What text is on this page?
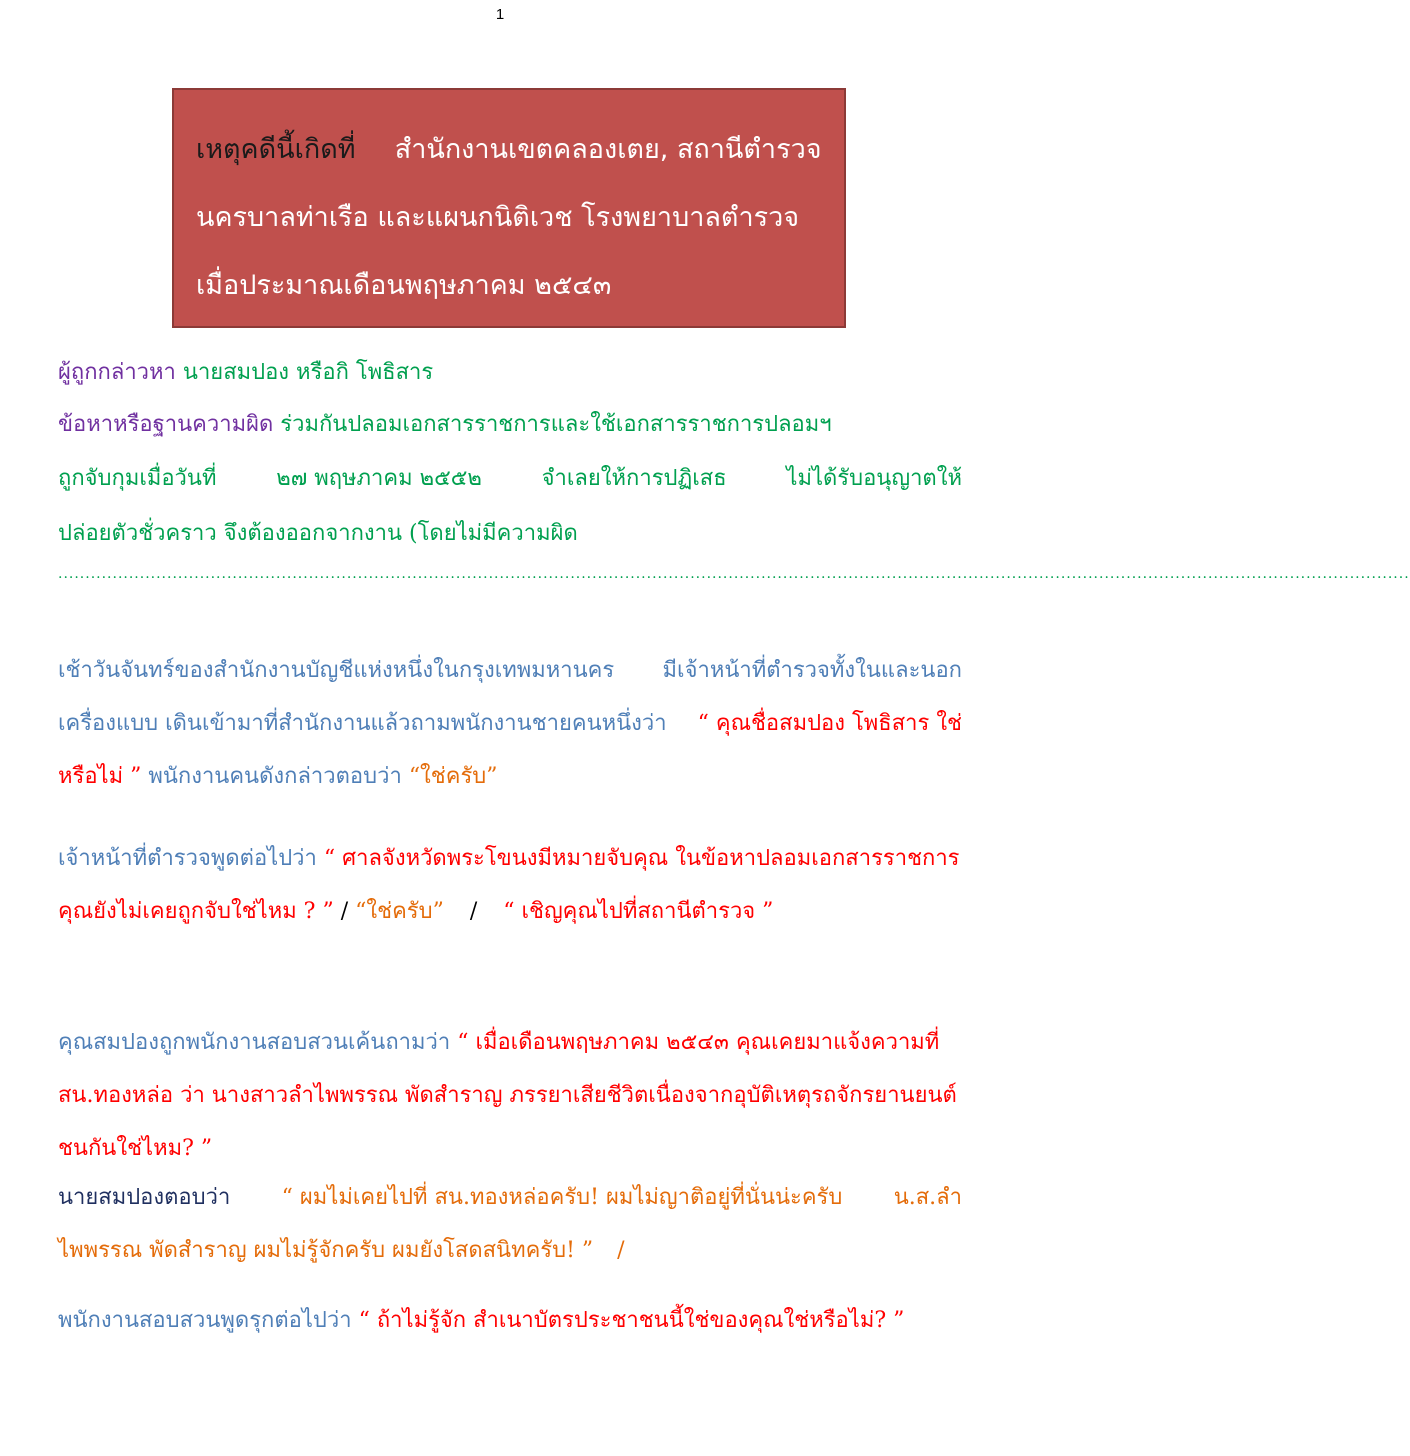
1
เหตุคดีนี้เกิดที่ สำนักงานเขตคลองเตย, สถานีตำรวจ
นครบาลท่าเรือ และแผนกนิติเวช โรงพยาบาลตำรวจ
เมื่อประมาณเดือนพฤษภาคม ๒๕๔๓
ผู้ถูกกล่าวหา นายสมปอง หรือกิ โพธิสาร
ข้อหาหรือฐานความผิด ร่วมกันปลอมเอกสารราชการและใช้เอกสารราชการปลอมฯ
ถูกจับกุมเมื่อวันที่	๒๗ พฤษภาคม ๒๕๕๒	จำเลยให้การปฏิเสธ	ไม่ได้รับอนุญาตให้
ปล่อยตัวชั่วคราว จึงต้องออกจากงาน (โดยไม่มีความผิด
........................................................................................................................................................................................................................................................
เช้าวันจันทร์ของสำนักงานบัญชีแห่งหนึ่งในกรุงเทพมหานคร มีเจ้าหน้าที่ตำรวจทั้งในและนอก
เครื่องแบบ เดินเข้ามาที่สำนักงานแล้วถามพนักงานชายคนหนึ่งว่า “ คุณชื่อสมปอง โพธิสาร ใช่
หรือไม่ ” พนักงานคนดังกล่าวตอบว่า “ใช่ครับ”
เจ้าหน้าที่ตำรวจพูดต่อไปว่า “ ศาลจังหวัดพระโขนงมีหมายจับคุณ ในข้อหาปลอมเอกสารราชการ
คุณยังไม่เคยถูกจับใช่ไหม ? ” / “ใช่ครับ” / “ เชิญคุณไปที่สถานีตำรวจ ”
คุณสมปองถูกพนักงานสอบสวนเค้นถามว่า “ เมื่อเดือนพฤษภาคม ๒๕๔๓ คุณเคยมาแจ้งความที่
สน.ทองหล่อ ว่า นางสาวลำไพพรรณ พัดสำราญ ภรรยาเสียชีวิตเนื่องจากอุบัติเหตุรถจักรยานยนต์
ชนกันใช่ไหม? ”
นายสมปองตอบว่า “ ผมไม่เคยไปที่ สน.ทองหล่อครับ! ผมไม่ญาติอยู่ที่นั่นน่ะครับ น.ส.ลำ
ไพพรรณ พัดสำราญ ผมไม่รู้จักครับ ผมยังโสดสนิทครับ! ” /
พนักงานสอบสวนพูดรุกต่อไปว่า “ ถ้าไม่รู้จัก สำเนาบัตรประชาชนนี้ใช่ของคุณใช่หรือไม่? ”
